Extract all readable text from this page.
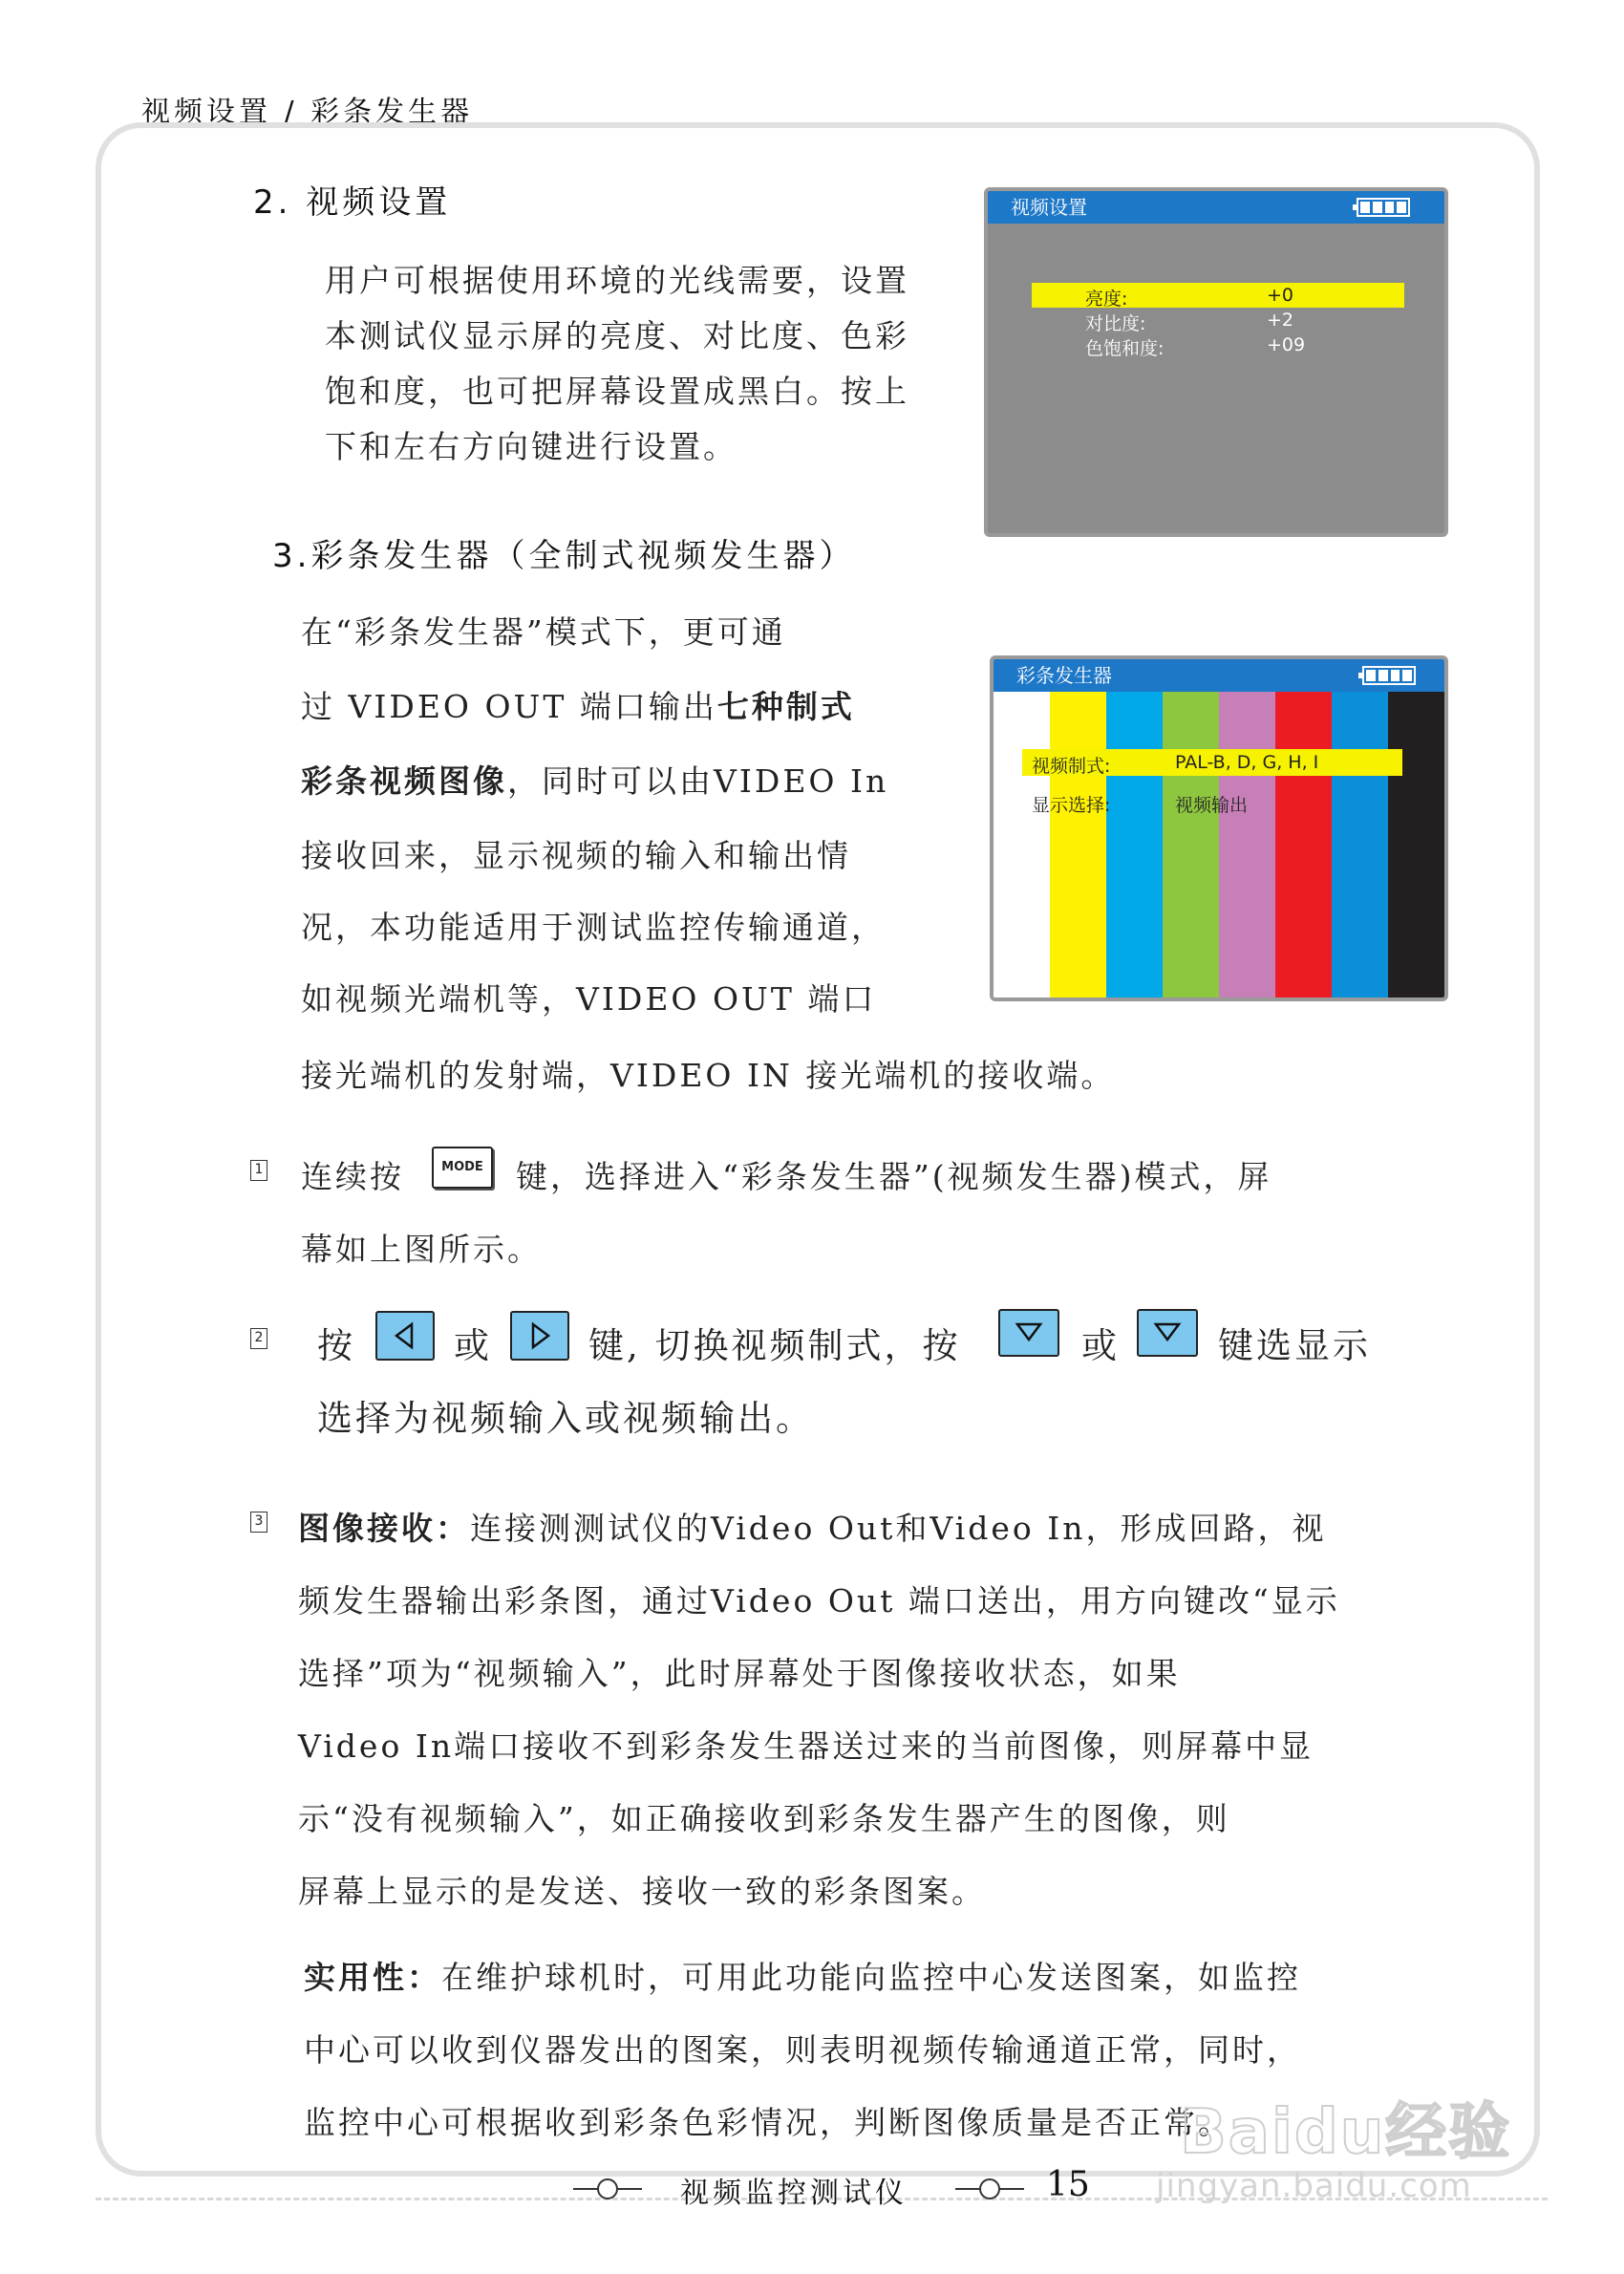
视频设置 / 彩条发生器
2. 视频设置
用户可根据使用环境的光线需要，设置
本测试仪显示屏的亮度、对比度、色彩
饱和度，也可把屏幕设置成黑白。按上
下和左右方向键进行设置。
视频设置
亮度:	+0
对比度:	+2
色饱和度:	+09
3.彩条发生器（全制式视频发生器）
在“彩条发生器”模式下，更可通
过 VIDEO OUT 端口输出七种制式
彩条视频图像，同时可以由VIDEO In
接收回来，显示视频的输入和输出情
况，本功能适用于测试监控传输通道，
如视频光端机等，VIDEO OUT 端口
接光端机的发射端，VIDEO IN 接光端机的接收端。
彩条发生器
视频制式:	PAL-B, D, G, H, I
显示选择:	视频输出
1 连续按	MODE	键，选择进入“彩条发生器”(视频发生器)模式，屏
幕如上图所示。
2 按	或	键, 切换视频制式，按	或	键选显示
选择为视频输入或视频输出。
3 图像接收：连接测测试仪的Video Out和Video In，形成回路，视
频发生器输出彩条图，通过Video Out 端口送出，用方向键改“显示
选择”项为“视频输入”，此时屏幕处于图像接收状态，如果
Video In端口接收不到彩条发生器送过来的当前图像，则屏幕中显
示“没有视频输入”，如正确接收到彩条发生器产生的图像，则
屏幕上显示的是发送、接收一致的彩条图案。
实用性：在维护球机时，可用此功能向监控中心发送图案，如监控
中心可以收到仪器发出的图案，则表明视频传输通道正常，同时，
监控中心可根据收到彩条色彩情况，判断图像质量是否正常。
视频监控测试仪	15
Baidu经验
jingyan.baidu.com
